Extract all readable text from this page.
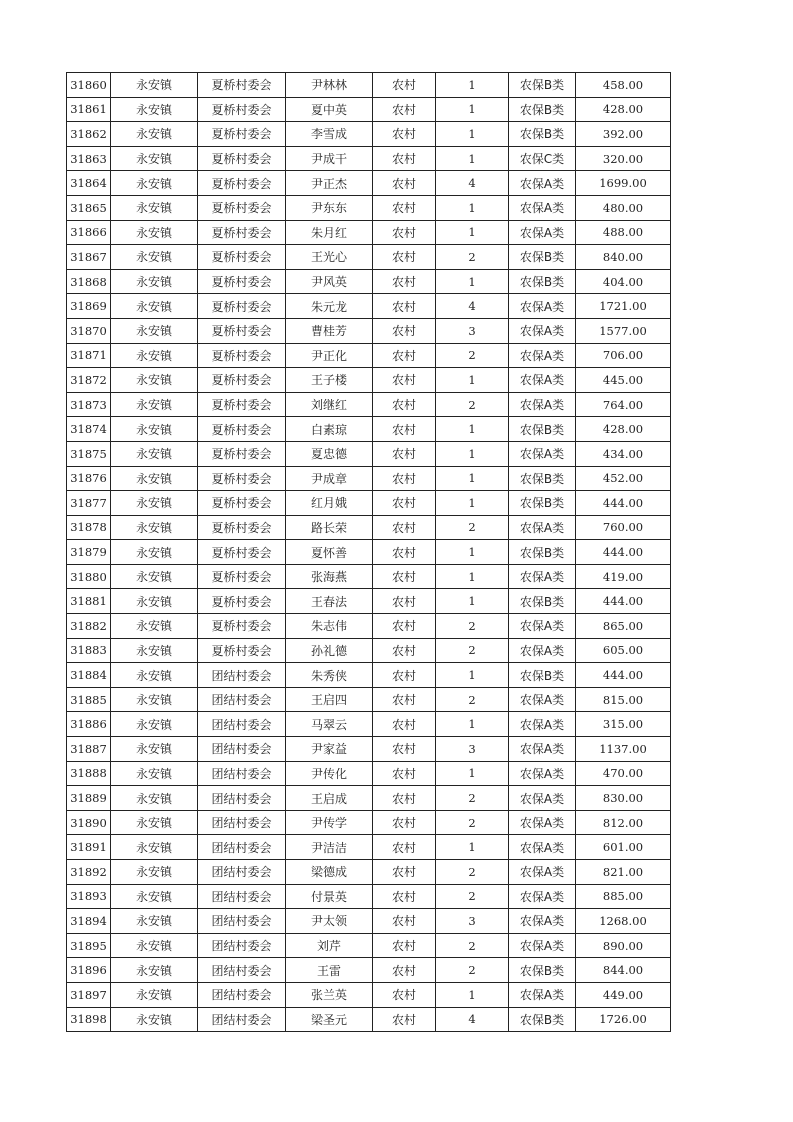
31860	永安镇	夏桥村委会	尹林林	农村	1	农保B类	458.00
31861	永安镇	夏桥村委会	夏中英	农村	1	农保B类	428.00
31862	永安镇	夏桥村委会	李雪成	农村	1	农保B类	392.00
31863	永安镇	夏桥村委会	尹成干	农村	1	农保C类	320.00
31864	永安镇	夏桥村委会	尹正杰	农村	4	农保A类	1699.00
31865	永安镇	夏桥村委会	尹东东	农村	1	农保A类	480.00
31866	永安镇	夏桥村委会	朱月红	农村	1	农保A类	488.00
31867	永安镇	夏桥村委会	王光心	农村	2	农保B类	840.00
31868	永安镇	夏桥村委会	尹风英	农村	1	农保B类	404.00
31869	永安镇	夏桥村委会	朱元龙	农村	4	农保A类	1721.00
31870	永安镇	夏桥村委会	曹桂芳	农村	3	农保A类	1577.00
31871	永安镇	夏桥村委会	尹正化	农村	2	农保A类	706.00
31872	永安镇	夏桥村委会	王子楼	农村	1	农保A类	445.00
31873	永安镇	夏桥村委会	刘继红	农村	2	农保A类	764.00
31874	永安镇	夏桥村委会	白素琼	农村	1	农保B类	428.00
31875	永安镇	夏桥村委会	夏忠德	农村	1	农保A类	434.00
31876	永安镇	夏桥村委会	尹成章	农村	1	农保B类	452.00
31877	永安镇	夏桥村委会	红月娥	农村	1	农保B类	444.00
31878	永安镇	夏桥村委会	路长荣	农村	2	农保A类	760.00
31879	永安镇	夏桥村委会	夏怀善	农村	1	农保B类	444.00
31880	永安镇	夏桥村委会	张海燕	农村	1	农保A类	419.00
31881	永安镇	夏桥村委会	王春法	农村	1	农保B类	444.00
31882	永安镇	夏桥村委会	朱志伟	农村	2	农保A类	865.00
31883	永安镇	夏桥村委会	孙礼德	农村	2	农保A类	605.00
31884	永安镇	团结村委会	朱秀侠	农村	1	农保B类	444.00
31885	永安镇	团结村委会	王启四	农村	2	农保A类	815.00
31886	永安镇	团结村委会	马翠云	农村	1	农保A类	315.00
31887	永安镇	团结村委会	尹家益	农村	3	农保A类	1137.00
31888	永安镇	团结村委会	尹传化	农村	1	农保A类	470.00
31889	永安镇	团结村委会	王启成	农村	2	农保A类	830.00
31890	永安镇	团结村委会	尹传学	农村	2	农保A类	812.00
31891	永安镇	团结村委会	尹洁洁	农村	1	农保A类	601.00
31892	永安镇	团结村委会	梁德成	农村	2	农保A类	821.00
31893	永安镇	团结村委会	付景英	农村	2	农保A类	885.00
31894	永安镇	团结村委会	尹太领	农村	3	农保A类	1268.00
31895	永安镇	团结村委会	刘芹	农村	2	农保A类	890.00
31896	永安镇	团结村委会	王雷	农村	2	农保B类	844.00
31897	永安镇	团结村委会	张兰英	农村	1	农保A类	449.00
31898	永安镇	团结村委会	梁圣元	农村	4	农保B类	1726.00
